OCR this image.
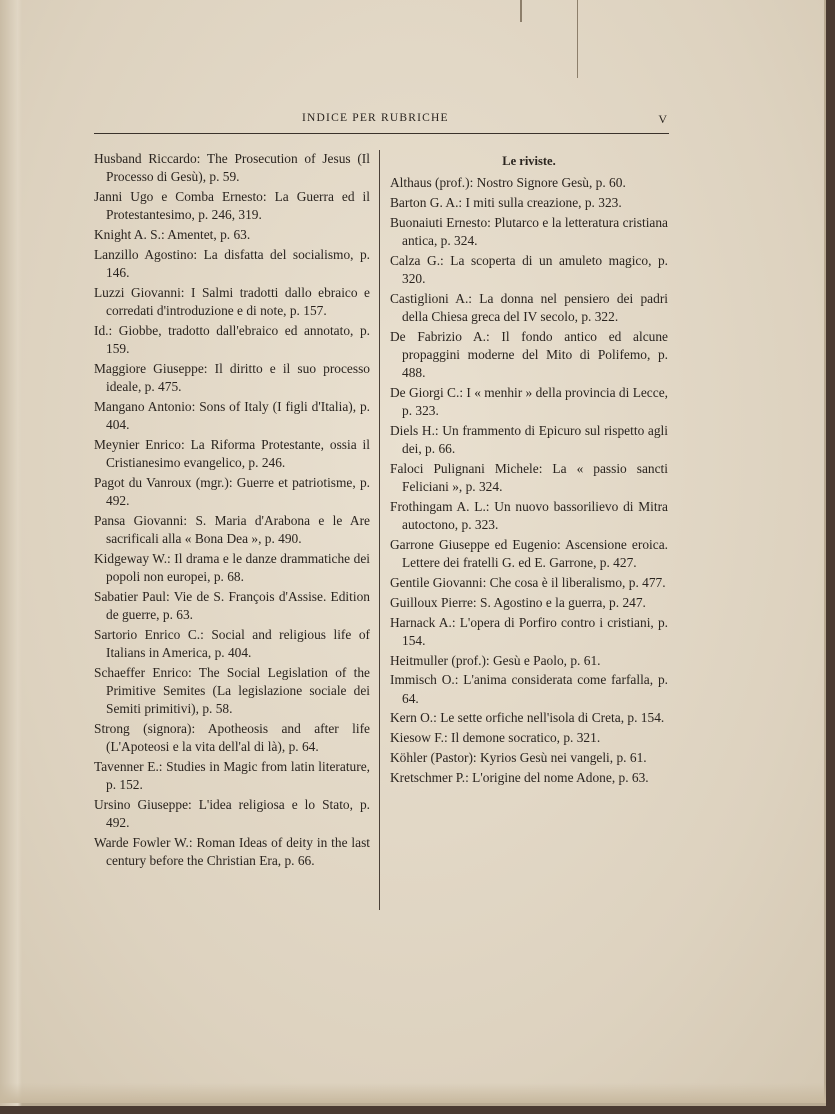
INDICE PER RUBRICHE	V

Husband Riccardo: The Prosecution of Jesus (Il Processo di Gesù), p. 59.

Janni Ugo e Comba Ernesto: La Guerra ed il Protestantesimo, p. 246, 319.

Knight A. S.: Amentet, p. 63.

Lanzillo Agostino: La disfatta del socialismo, p. 146.

Luzzi Giovanni: I Salmi tradotti dallo ebraico e corredati d'introduzione e di note, p. 157.

Id.: Giobbe, tradotto dall'ebraico ed annotato, p. 159.

Maggiore Giuseppe: Il diritto e il suo processo ideale, p. 475.

Mangano Antonio: Sons of Italy (I figli d'Italia), p. 404.

Meynier Enrico: La Riforma Protestante, ossia il Cristianesimo evangelico, p. 246.

Pagot du Vanroux (mgr.): Guerre et patriotisme, p. 492.

Pansa Giovanni: S. Maria d'Arabona e le Are sacrificali alla « Bona Dea », p. 490.

Kidgeway W.: Il drama e le danze drammatiche dei popoli non europei, p. 68.

Sabatier Paul: Vie de S. François d'Assise. Edition de guerre, p. 63.

Sartorio Enrico C.: Social and religious life of Italians in America, p. 404.

Schaeffer Enrico: The Social Legislation of the Primitive Semites (La legislazione sociale dei Semiti primitivi), p. 58.

Strong (signora): Apotheosis and after life (L'Apoteosi e la vita dell'al di là), p. 64.

Tavenner E.: Studies in Magic from latin literature, p. 152.

Ursino Giuseppe: L'idea religiosa e lo Stato, p. 492.

Warde Fowler W.: Roman Ideas of deity in the last century before the Christian Era, p. 66.

Le riviste.

Althaus (prof.): Nostro Signore Gesù, p. 60.

Barton G. A.: I miti sulla creazione, p. 323.

Buonaiuti Ernesto: Plutarco e la letteratura cristiana antica, p. 324.

Calza G.: La scoperta di un amuleto magico, p. 320.

Castiglioni A.: La donna nel pensiero dei padri della Chiesa greca del IV secolo, p. 322.

De Fabrizio A.: Il fondo antico ed alcune propaggini moderne del Mito di Polifemo, p. 488.

De Giorgi C.: I « menhir » della provincia di Lecce, p. 323.

Diels H.: Un frammento di Epicuro sul rispetto agli dei, p. 66.

Faloci Pulignani Michele: La « passio sancti Feliciani », p. 324.

Frothingam A. L.: Un nuovo bassorilievo di Mitra autoctono, p. 323.

Garrone Giuseppe ed Eugenio: Ascensione eroica. Lettere dei fratelli G. ed E. Garrone, p. 427.

Gentile Giovanni: Che cosa è il liberalismo, p. 477.

Guilloux Pierre: S. Agostino e la guerra, p. 247.

Harnack A.: L'opera di Porfiro contro i cristiani, p. 154.

Heitmuller (prof.): Gesù e Paolo, p. 61.

Immisch O.: L'anima considerata come farfalla, p. 64.

Kern O.: Le sette orfiche nell'isola di Creta, p. 154.

Kiesow F.: Il demone socratico, p. 321.

Köhler (Pastor): Kyrios Gesù nei vangeli, p. 61.

Kretschmer P.: L'origine del nome Adone, p. 63.
